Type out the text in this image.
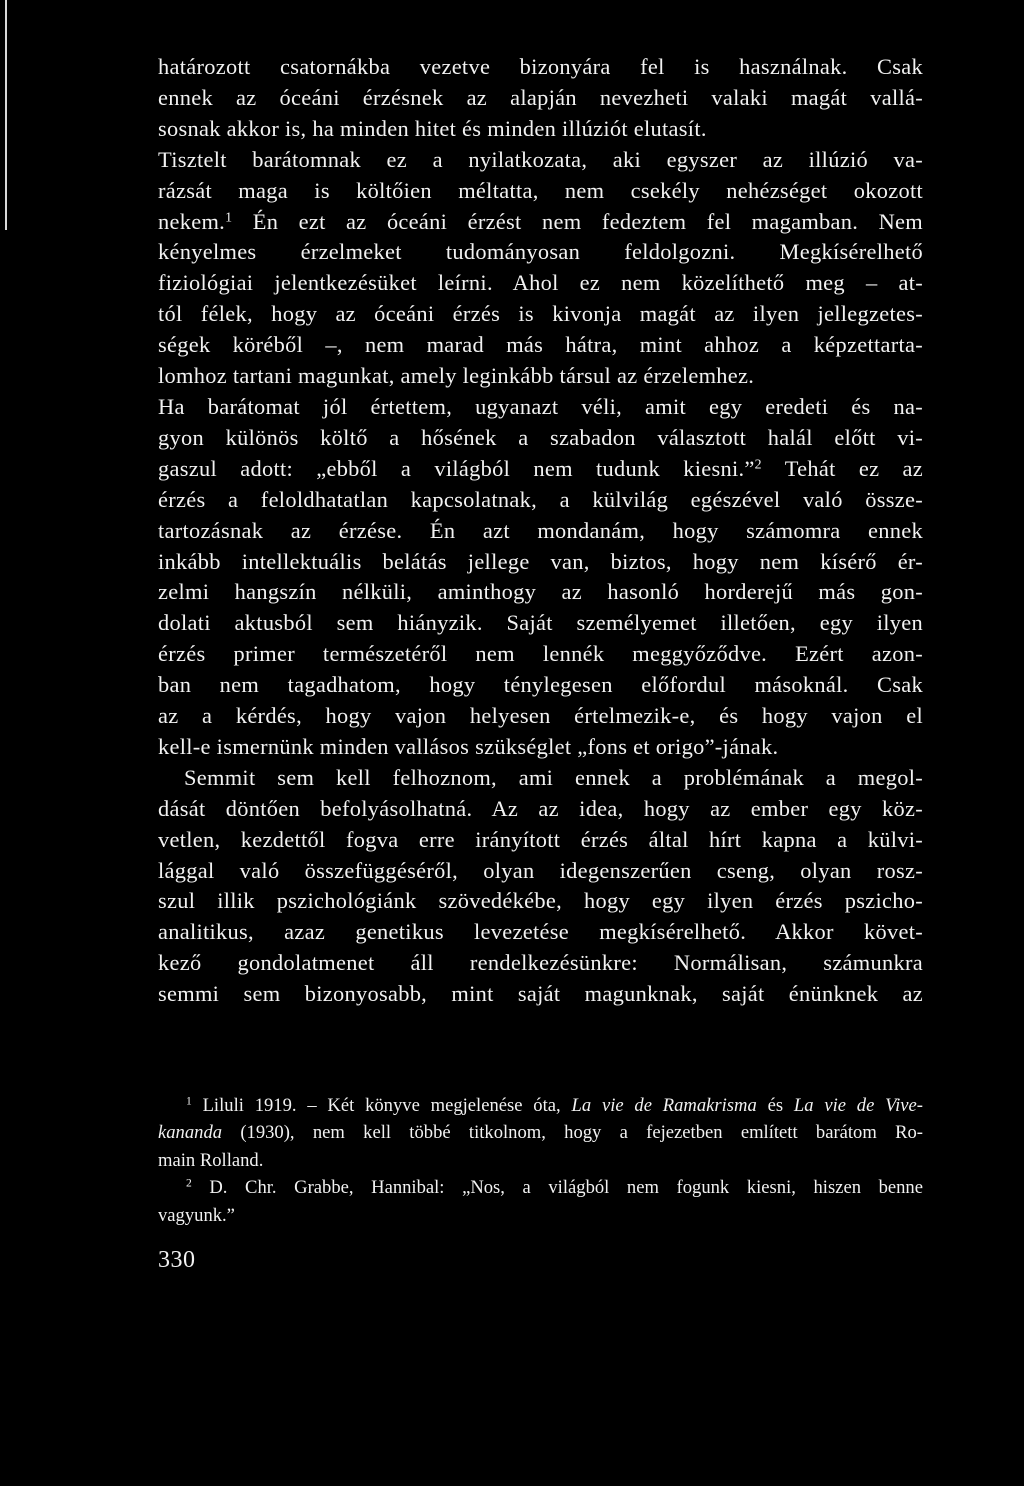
határozott csatornákba vezetve bizonyára fel is használnak. Csak
ennek az óceáni érzésnek az alapján nevezheti valaki magát vallá-
sosnak akkor is, ha minden hitet és minden illúziót elutasít.
Tisztelt barátomnak ez a nyilatkozata, aki egyszer az illúzió va-
rázsát maga is költőien méltatta, nem csekély nehézséget okozott
nekem.$^1$ Én ezt az óceáni érzést nem fedeztem fel magamban. Nem
kényelmes érzelmeket tudományosan feldolgozni. Megkísérelhető
fiziológiai jelentkezésüket leírni. Ahol ez nem közelíthető meg – at-
tól félek, hogy az óceáni érzés is kivonja magát az ilyen jellegzetes-
ségek köréből –, nem marad más hátra, mint ahhoz a képzettarta-
lomhoz tartani magunkat, amely leginkább társul az érzelemhez.
Ha barátomat jól értettem, ugyanazt véli, amit egy eredeti és na-
gyon különös költő a hősének a szabadon választott halál előtt vi-
gaszul adott: „ebből a világból nem tudunk kiesni.”$^2$ Tehát ez az
érzés a feloldhatatlan kapcsolatnak, a külvilág egészével való össze-
tartozásnak az érzése. Én azt mondanám, hogy számomra ennek
inkább intellektuális belátás jellege van, biztos, hogy nem kísérő ér-
zelmi hangszín nélküli, aminthogy az hasonló horderejű más gon-
dolati aktusból sem hiányzik. Saját személyemet illetően, egy ilyen
érzés primer természetéről nem lennék meggyőződve. Ezért azon-
ban nem tagadhatom, hogy ténylegesen előfordul másoknál. Csak
az a kérdés, hogy vajon helyesen értelmezik-e, és hogy vajon el
kell-e ismernünk minden vallásos szükséglet „fons et origo”-jának.
Semmit sem kell felhoznom, ami ennek a problémának a megol-
dását döntően befolyásolhatná. Az az idea, hogy az ember egy köz-
vetlen, kezdettől fogva erre irányított érzés által hírt kapna a külvi-
lággal való összefüggéséről, olyan idegenszerűen cseng, olyan rosz-
szul illik pszichológiánk szövedékébe, hogy egy ilyen érzés pszicho-
analitikus, azaz genetikus levezetése megkísérelhető. Akkor követ-
kező gondolatmenet áll rendelkezésünkre: Normálisan, számunkra
semmi sem bizonyosabb, mint saját magunknak, saját énünknek az
$^1$ Liluli 1919. – Két könyve megjelenése óta, La vie de Ramakrisma és La vie de Vive-
kananda (1930), nem kell többé titkolnom, hogy a fejezetben említett barátom Ro-
main Rolland.
$^2$ D. Chr. Grabbe, Hannibal: „Nos, a világból nem fogunk kiesni, hiszen benne
vagyunk.”
330
